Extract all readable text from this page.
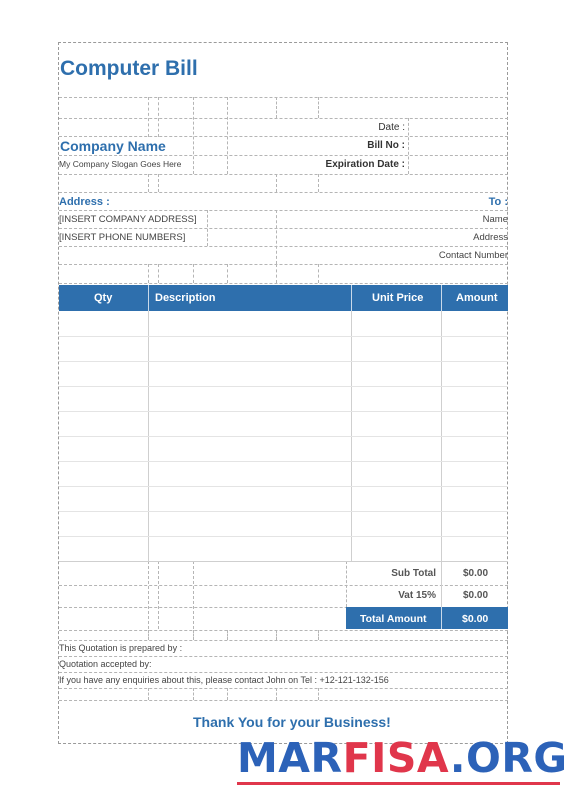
Computer Bill
Company Name
My Company Slogan Goes Here
Date :
Bill No :
Expiration Date :
Address :
[INSERT COMPANY ADDRESS]
[INSERT PHONE NUMBERS]
To :
Name
Address
Contact Number
Qty	Description	Unit Price	Amount
Sub Total	$0.00
Vat 15%	$0.00
Total Amount	$0.00
This Quotation is prepared by :
Quotation accepted by:
If you have any enquiries about this, please contact John on Tel : +12-121-132-156
Thank You for your Business!
MARFISA.ORG
